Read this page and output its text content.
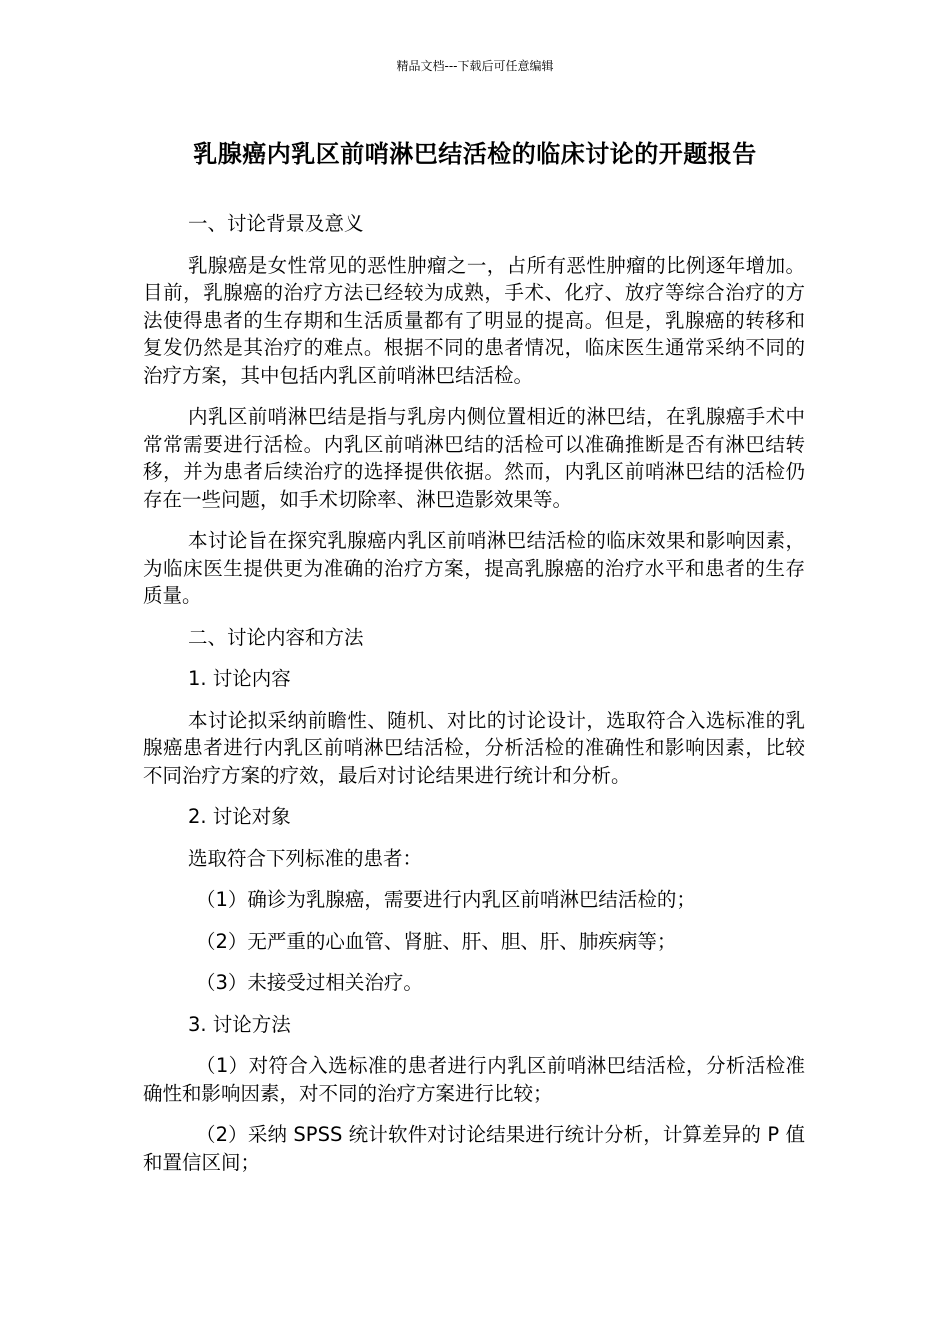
精品文档---下载后可任意编辑
乳腺癌内乳区前哨淋巴结活检的临床讨论的开题报告

一、讨论背景及意义

乳腺癌是女性常见的恶性肿瘤之一，占所有恶性肿瘤的比例逐年增加。目前，乳腺癌的治疗方法已经较为成熟，手术、化疗、放疗等综合治疗的方法使得患者的生存期和生活质量都有了明显的提高。但是，乳腺癌的转移和复发仍然是其治疗的难点。根据不同的患者情况，临床医生通常采纳不同的治疗方案，其中包括内乳区前哨淋巴结活检。

内乳区前哨淋巴结是指与乳房内侧位置相近的淋巴结，在乳腺癌手术中常常需要进行活检。内乳区前哨淋巴结的活检可以准确推断是否有淋巴结转移，并为患者后续治疗的选择提供依据。然而，内乳区前哨淋巴结的活检仍存在一些问题，如手术切除率、淋巴造影效果等。

本讨论旨在探究乳腺癌内乳区前哨淋巴结活检的临床效果和影响因素，为临床医生提供更为准确的治疗方案，提高乳腺癌的治疗水平和患者的生存质量。

二、讨论内容和方法

1. 讨论内容

本讨论拟采纳前瞻性、随机、对比的讨论设计，选取符合入选标准的乳腺癌患者进行内乳区前哨淋巴结活检，分析活检的准确性和影响因素，比较不同治疗方案的疗效，最后对讨论结果进行统计和分析。

2. 讨论对象

选取符合下列标准的患者：

（1）确诊为乳腺癌，需要进行内乳区前哨淋巴结活检的；

（2）无严重的心血管、肾脏、肝、胆、肝、肺疾病等；

（3）未接受过相关治疗。

3. 讨论方法

（1）对符合入选标准的患者进行内乳区前哨淋巴结活检，分析活检准确性和影响因素，对不同的治疗方案进行比较；

（2）采纳 SPSS 统计软件对讨论结果进行统计分析，计算差异的 P 值和置信区间；
